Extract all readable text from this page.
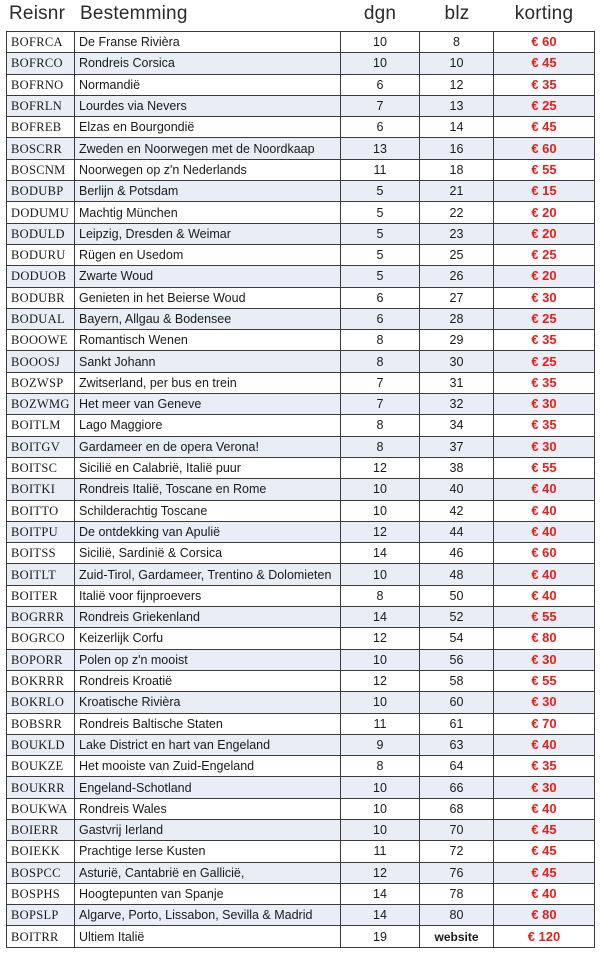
Reisnr Bestemming	dgn	blz	korting
BOFRCA	De Franse Rivièra	10	8	€ 60
BOFRCO	Rondreis Corsica	10	10	€ 45
BOFRNO	Normandië	6	12	€ 35
BOFRLN	Lourdes via Nevers	7	13	€ 25
BOFREB	Elzas en Bourgondië	6	14	€ 45
BOSCRR	Zweden en Noorwegen met de Noordkaap	13	16	€ 60
BOSCNM	Noorwegen op z'n Nederlands	11	18	€ 55
BODUBP	Berlijn & Potsdam	5	21	€ 15
DODUMU	Machtig München	5	22	€ 20
BODULD	Leipzig, Dresden & Weimar	5	23	€ 20
BODURU	Rügen en Usedom	5	25	€ 25
DODUOB	Zwarte Woud	5	26	€ 20
BODUBR	Genieten in het Beierse Woud	6	27	€ 30
BODUAL	Bayern, Allgau & Bodensee	6	28	€ 25
BOOOWE	Romantisch Wenen	8	29	€ 35
BOOOSJ	Sankt Johann	8	30	€ 25
BOZWSP	Zwitserland, per bus en trein	7	31	€ 35
BOZWMG	Het meer van Geneve	7	32	€ 30
BOITLM	Lago Maggiore	8	34	€ 35
BOITGV	Gardameer en de opera Verona!	8	37	€ 30
BOITSC	Sicilië en Calabrië, Italië puur	12	38	€ 55
BOITKI	Rondreis Italië, Toscane en Rome	10	40	€ 40
BOITTO	Schilderachtig Toscane	10	42	€ 40
BOITPU	De ontdekking van Apulië	12	44	€ 40
BOITSS	Sicilië, Sardinië & Corsica	14	46	€ 60
BOITLT	Zuid-Tirol, Gardameer, Trentino & Dolomieten	10	48	€ 40
BOITER	Italië voor fijnproevers	8	50	€ 40
BOGRRR	Rondreis Griekenland	14	52	€ 55
BOGRCO	Keizerlijk Corfu	12	54	€ 80
BOPORR	Polen op z'n mooist	10	56	€ 30
BOKRRR	Rondreis Kroatië	12	58	€ 55
BOKRLO	Kroatische Rivièra	10	60	€ 30
BOBSRR	Rondreis Baltische Staten	11	61	€ 70
BOUKLD	Lake District en hart van Engeland	9	63	€ 40
BOUKZE	Het mooiste van Zuid-Engeland	8	64	€ 35
BOUKRR	Engeland-Schotland	10	66	€ 30
BOUKWA	Rondreis Wales	10	68	€ 40
BOIERR	Gastvrij Ierland	10	70	€ 45
BOIEKK	Prachtige Ierse Kusten	11	72	€ 45
BOSPCC	Asturië, Cantabrië en Gallicië,	12	76	€ 45
BOSPHS	Hoogtepunten van Spanje	14	78	€ 40
BOPSLP	Algarve, Porto, Lissabon, Sevilla & Madrid	14	80	€ 80
BOITRR	Ultiem Italië	19	website	€ 120
